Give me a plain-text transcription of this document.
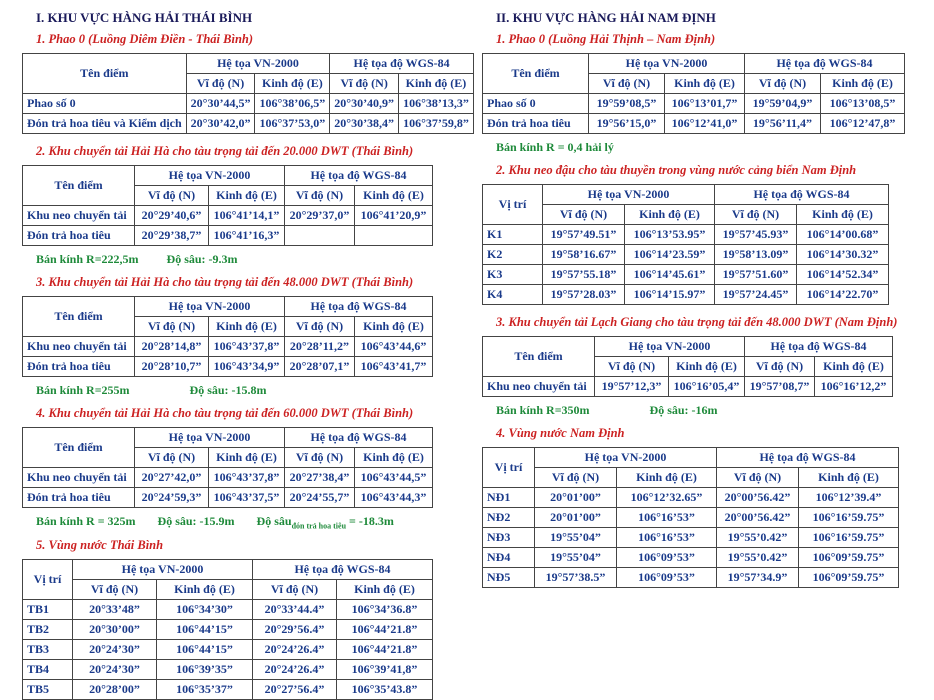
I. KHU VỰC HÀNG HẢI THÁI BÌNH
1. Phao 0 (Luồng Diêm Điền - Thái Bình)
Tên điểm	Hệ tọa VN-2000		Hệ tọa độ WGS-84	
	Vĩ độ (N)	Kinh độ (E)	Vĩ độ (N)	Kinh độ (E)
Phao số 0	20°30’44,5”	106°38’06,5”	20°30’40,9”	106°38’13,3”
Đón trả hoa tiêu và Kiểm dịch	20°30’42,0”	106°37’53,0”	20°30’38,4”	106°37’59,8”
2. Khu chuyển tải Hải Hà cho tàu trọng tải đến 20.000 DWT (Thái Bình)
Tên điểm	Hệ tọa VN-2000		Hệ tọa độ WGS-84	
	Vĩ độ (N)	Kinh độ (E)	Vĩ độ (N)	Kinh độ (E)
Khu neo chuyển tải	20°29’40,6”	106°41’14,1”	20°29’37,0”	106°41’20,9”
Đón trả hoa tiêu	20°29’38,7”	106°41’16,3”		
Bán kính R=222,5m Độ sâu: -9.3m
3. Khu chuyển tải Hải Hà cho tàu trọng tải đến 48.000 DWT (Thái Bình)
Tên điểm	Hệ tọa VN-2000		Hệ tọa độ WGS-84	
	Vĩ độ (N)	Kinh độ (E)	Vĩ độ (N)	Kinh độ (E)
Khu neo chuyển tải	20°28’14,8”	106°43’37,8”	20°28’11,2”	106°43’44,6”
Đón trả hoa tiêu	20°28’10,7”	106°43’34,9”	20°28’07,1”	106°43’41,7”
Bán kính R=255m	Độ sâu: -15.8m
4. Khu chuyển tải Hải Hà cho tàu trọng tải đến 60.000 DWT (Thái Bình)
Tên điểm	Hệ tọa VN-2000		Hệ tọa độ WGS-84	
	Vĩ độ (N)	Kinh độ (E)	Vĩ độ (N)	Kinh độ (E)
Khu neo chuyển tải	20°27’42,0”	106°43’37,8”	20°27’38,4”	106°43’44,5”
Đón trả hoa tiêu	20°24’59,3”	106°43’37,5”	20°24’55,7”	106°43’44,3”
Bán kính R = 325m Độ sâu: -15.9m Độ sâu$_{đón trả hoa tiêu}$ = -18.3m
5. Vùng nước Thái Bình
Vị trí	Hệ tọa VN-2000		Hệ tọa độ WGS-84	
	Vĩ độ (N)	Kinh độ (E)	Vĩ độ (N)	Kinh độ (E)
TB1	20°33’48”	106°34’30”	20°33’44.4”	106°34’36.8”
TB2	20°30’00”	106°44’15”	20°29’56.4”	106°44’21.8”
TB3	20°24’30”	106°44’15”	20°24’26.4”	106°44’21.8”
TB4	20°24’30”	106°39’35”	20°24’26.4”	106°39’41,8”
TB5	20°28’00”	106°35’37”	20°27’56.4”	106°35’43.8”
II. KHU VỰC HÀNG HẢI NAM ĐỊNH
1. Phao 0 (Luồng Hải Thịnh – Nam Định)
Tên điểm	Hệ tọa VN-2000		Hệ tọa độ WGS-84	
	Vĩ độ (N)	Kinh độ (E)	Vĩ độ (N)	Kinh độ (E)
Phao số 0	19°59’08,5”	106°13’01,7”	19°59’04,9”	106°13’08,5”
Đón trả hoa tiêu	19°56’15,0”	106°12’41,0”	19°56’11,4”	106°12’47,8”
Bán kính R = 0,4 hải lý
2. Khu neo đậu cho tàu thuyền trong vùng nước cảng biển Nam Định
Vị trí	Hệ tọa VN-2000		Hệ tọa độ WGS-84	
	Vĩ độ (N)	Kinh độ (E)	Vĩ độ (N)	Kinh độ (E)
K1	19°57’49.51”	106°13’53.95”	19°57’45.93”	106°14’00.68”
K2	19°58’16.67”	106°14’23.59”	19°58’13.09”	106°14’30.32”
K3	19°57’55.18”	106°14’45.61”	19°57’51.60”	106°14’52.34”
K4	19°57’28.03”	106°14’15.97”	19°57’24.45”	106°14’22.70”
3. Khu chuyển tải Lạch Giang cho tàu trọng tải đến 48.000 DWT (Nam Định)
Tên điểm	Hệ tọa VN-2000		Hệ tọa độ WGS-84	
	Vĩ độ (N)	Kinh độ (E)	Vĩ độ (N)	Kinh độ (E)
Khu neo chuyển tải	19°57’12,3”	106°16’05,4”	19°57’08,7”	106°16’12,2”
Bán kính R=350m	Độ sâu: -16m
4. Vùng nước Nam Định
Vị trí	Hệ tọa VN-2000		Hệ tọa độ WGS-84	
	Vĩ độ (N)	Kinh độ (E)	Vĩ độ (N)	Kinh độ (E)
NĐ1	20°01’00”	106°12’32.65”	20°00’56.42”	106°12’39.4”
NĐ2	20°01’00”	106°16’53”	20°00’56.42”	106°16’59.75”
NĐ3	19°55’04”	106°16’53”	19°55’0.42”	106°16’59.75”
NĐ4	19°55’04”	106°09’53”	19°55’0.42”	106°09’59.75”
NĐ5	19°57’38.5”	106°09’53”	19°57’34.9”	106°09’59.75”
